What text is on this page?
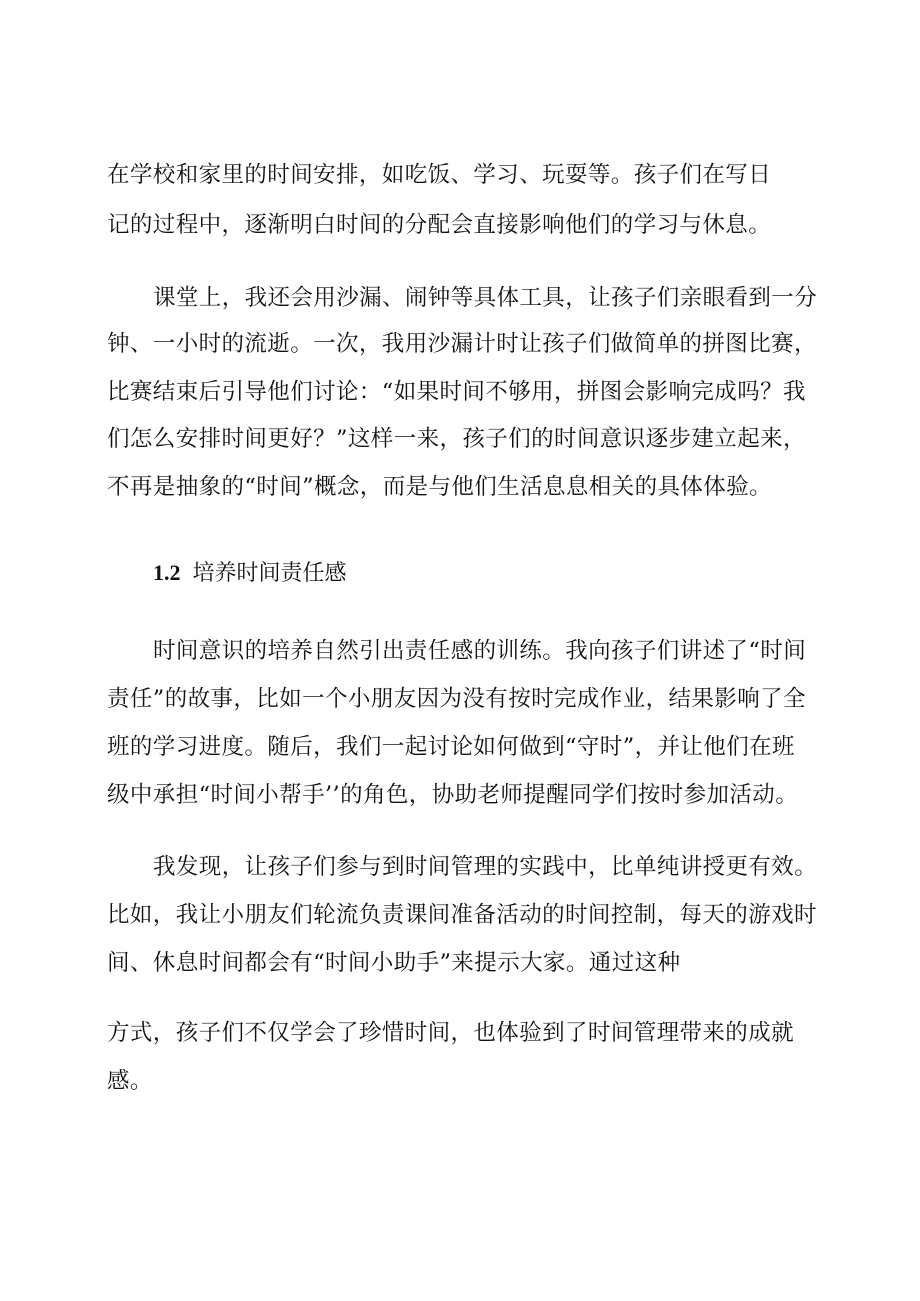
在学校和家里的时间安排，如吃饭、学习、玩耍等。孩子们在写日
记的过程中，逐渐明白时间的分配会直接影响他们的学习与休息。
课堂上，我还会用沙漏、闹钟等具体工具，让孩子们亲眼看到一分
钟、一小时的流逝。一次，我用沙漏计时让孩子们做简单的拼图比赛，
比赛结束后引导他们讨论：“如果时间不够用，拼图会影响完成吗？我
们怎么安排时间更好？”这样一来，孩子们的时间意识逐步建立起来，
不再是抽象的“时间”概念，而是与他们生活息息相关的具体体验。
1.2 培养时间责任感
时间意识的培养自然引出责任感的训练。我向孩子们讲述了“时间
责任”的故事，比如一个小朋友因为没有按时完成作业，结果影响了全
班的学习进度。随后，我们一起讨论如何做到“守时”，并让他们在班
级中承担“时间小帮手’’的角色，协助老师提醒同学们按时参加活动。
我发现，让孩子们参与到时间管理的实践中，比单纯讲授更有效。
比如，我让小朋友们轮流负责课间准备活动的时间控制，每天的游戏时
间、休息时间都会有“时间小助手”来提示大家。通过这种
方式，孩子们不仅学会了珍惜时间，也体验到了时间管理带来的成就
感。
